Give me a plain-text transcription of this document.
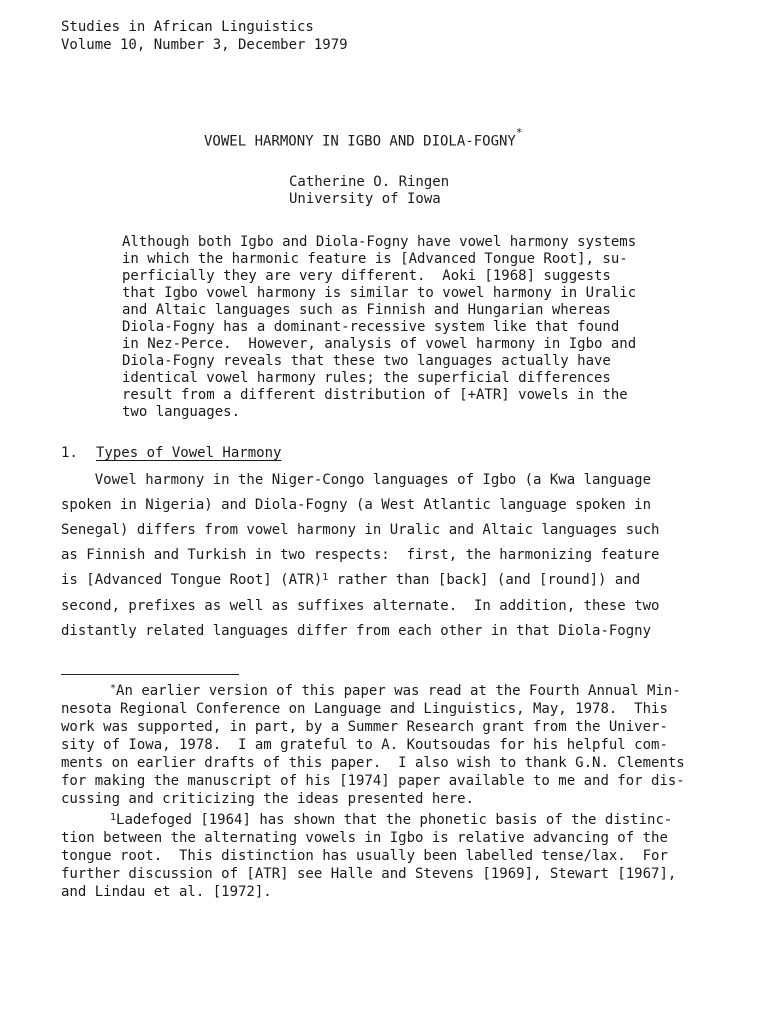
Studies in African Linguistics
Volume 10, Number 3, December 1979
VOWEL HARMONY IN IGBO AND DIOLA-FOGNY*
Catherine O. Ringen
University of Iowa
Although both Igbo and Diola-Fogny have vowel harmony systems
in which the harmonic feature is [Advanced Tongue Root], su-
perficially they are very different.  Aoki [1968] suggests
that Igbo vowel harmony is similar to vowel harmony in Uralic
and Altaic languages such as Finnish and Hungarian whereas
Diola-Fogny has a dominant-recessive system like that found
in Nez-Perce.  However, analysis of vowel harmony in Igbo and
Diola-Fogny reveals that these two languages actually have
identical vowel harmony rules; the superficial differences
result from a different distribution of [+ATR] vowels in the
two languages.
1. Types of Vowel Harmony
Vowel harmony in the Niger-Congo languages of Igbo (a Kwa language
spoken in Nigeria) and Diola-Fogny (a West Atlantic language spoken in
Senegal) differs from vowel harmony in Uralic and Altaic languages such
as Finnish and Turkish in two respects:  first, the harmonizing feature
is [Advanced Tongue Root] (ATR)$^1$ rather than [back] (and [round]) and
second, prefixes as well as suffixes alternate.  In addition, these two
distantly related languages differ from each other in that Diola-Fogny
*An earlier version of this paper was read at the Fourth Annual Min-
nesota Regional Conference on Language and Linguistics, May, 1978.  This
work was supported, in part, by a Summer Research grant from the Univer-
sity of Iowa, 1978.  I am grateful to A. Koutsoudas for his helpful com-
ments on earlier drafts of this paper.  I also wish to thank G.N. Clements
for making the manuscript of his [1974] paper available to me and for dis-
cussing and criticizing the ideas presented here.
$^1$Ladefoged [1964] has shown that the phonetic basis of the distinc-
tion between the alternating vowels in Igbo is relative advancing of the
tongue root.  This distinction has usually been labelled tense/lax.  For
further discussion of [ATR] see Halle and Stevens [1969], Stewart [1967],
and Lindau et al. [1972].
